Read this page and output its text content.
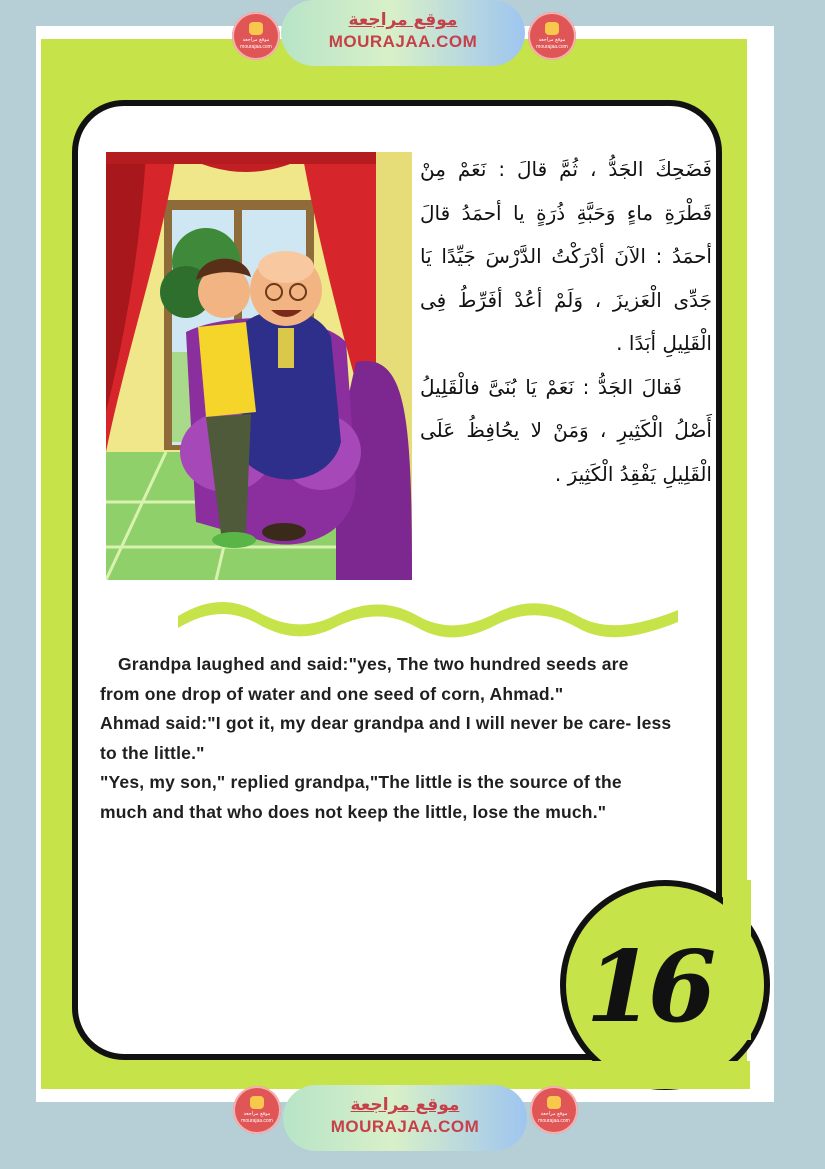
16

فَضَحِكَ الجَدُّ ، ثُمَّ قالَ : نَعَمْ مِنْ قَطْرَةِ ماءٍ وَحَبَّةِ ذُرَةٍ يا أحمَدُ قالَ أحمَدُ : الآنَ أدْرَكْتُ الدَّرْسَ جَيِّدًا يَا جَدِّى الْعَزيزَ ، وَلَمْ أعُدْ أفَرِّطُ فِى الْقَلِيلِ أبَدًا .

فَقالَ الجَدُّ : نَعَمْ يَا بُنَىَّ فالْقَلِيلُ أَصْلُ الْكَثِيرِ ، وَمَنْ لا يحُافِظُ عَلَى الْقَلِيلِ يَفْقِدُ الْكَثِيرَ .

Grandpa laughed and said:"yes, The two hundred seeds are from one drop of water and one seed of corn, Ahmad."

Ahmad said:"I got it, my dear grandpa and I will never be care- less to the little."

"Yes, my son," replied grandpa,"The little is the source of the much and that who does not keep the little, lose the much."

موقع مراجعة
mourajaa.com
موقع مراجعة
MOURAJAA.COM	موقع مراجعة
mourajaa.com
موقع مراجعة
mourajaa.com
موقع مراجعة
MOURAJAA.COM
موقع مراجعة
mourajaa.com
